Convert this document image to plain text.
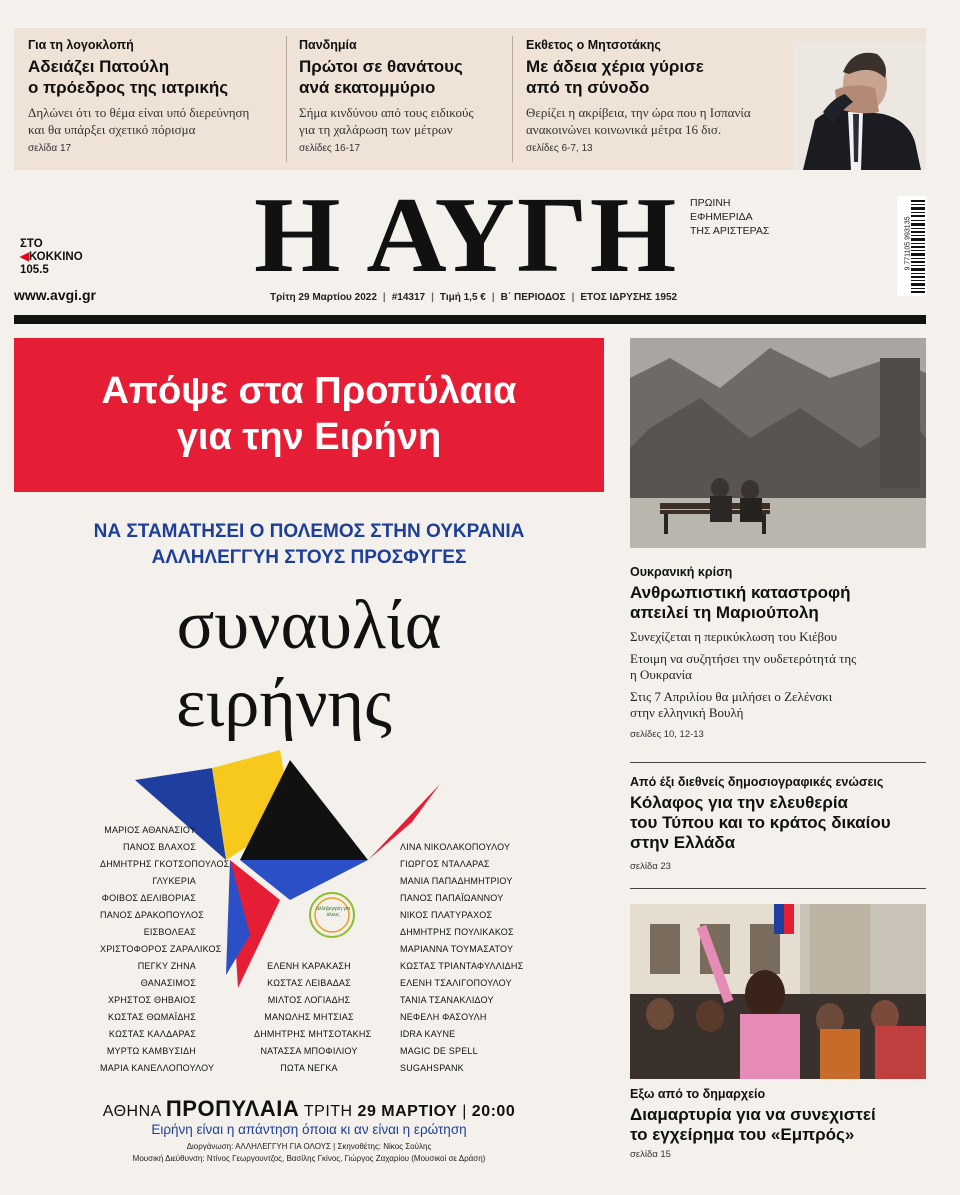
Για τη λογοκλοπή
Αδειάζει Πατούλη
ο πρόεδρος της ιατρικής
Δηλώνει ότι το θέμα είναι υπό διερεύνηση
και θα υπάρξει σχετικό πόρισμα
σελίδα 17
Πανδημία
Πρώτοι σε θανάτους
ανά εκατομμύριο
Σήμα κινδύνου από τους ειδικούς
για τη χαλάρωση των μέτρων
σελίδες 16-17
Εκθετος ο Μητσοτάκης
Με άδεια χέρια γύρισε
από τη σύνοδο
Θερίζει η ακρίβεια, την ώρα που η Ισπανία
ανακοινώνει κοινωνικά μέτρα 16 δισ.
σελίδες 6-7, 13
ΣΤΟ
◀ΚΟΚΚΙΝΟ
105.5
www.avgi.gr Η ΑΥΓΗ ΠΡΩΙΝΗ
ΕΦΗΜΕΡΙΔΑ
ΤΗΣ ΑΡΙΣΤΕΡΑΣ	9 771105 993135
Τρίτη 29 Μαρτίου 2022 | #14317 | Τιμή 1,5 € | Β΄ ΠΕΡΙΟΔΟΣ | ΕΤΟΣ ΙΔΡΥΣΗΣ 1952
Απόψε στα Προπύλαια
για την Ειρήνη
ΝΑ ΣΤΑΜΑΤΗΣΕΙ Ο ΠΟΛΕΜΟΣ ΣΤΗΝ ΟΥΚΡΑΝΙΑ
ΑΛΛΗΛΕΓΓΥΗ ΣΤΟΥΣ ΠΡΟΣΦΥΓΕΣ
συναυλία
ειρήνης
αλληλεγγύη για όλους
ΜΑΡΙΟΣ ΑΘΑΝΑΣΙΟΥ
ΠΑΝΟΣ ΒΛΑΧΟΣ
ΔΗΜΗΤΡΗΣ ΓΚΟΤΣΟΠΟΥΛΟΣ
ΓΛΥΚΕΡΙΑ
ΦΟΙΒΟΣ ΔΕΛΙΒΟΡΙΑΣ
ΠΑΝΟΣ ΔΡΑΚΟΠΟΥΛΟΣ
ΕΙΣΒΟΛΕΑΣ
ΧΡΙΣΤΟΦΟΡΟΣ ΖΑΡΑΛΙΚΟΣ
ΠΕΓΚΥ ΖΗΝΑ
ΘΑΝΑΣΙΜΟΣ
ΧΡΗΣΤΟΣ ΘΗΒΑΙΟΣ
ΚΩΣΤΑΣ ΘΩΜΑΪΔΗΣ
ΚΩΣΤΑΣ ΚΑΛΔΑΡΑΣ
ΜΥΡΤΩ ΚΑΜΒΥΣΙΔΗ
ΜΑΡΙΑ ΚΑΝΕΛΛΟΠΟΥΛΟΥ
ΕΛΕΝΗ ΚΑΡΑΚΑΣΗ
ΚΩΣΤΑΣ ΛΕΙΒΑΔΑΣ
ΜΙΛΤΟΣ ΛΟΓΙΑΔΗΣ
ΜΑΝΩΛΗΣ ΜΗΤΣΙΑΣ
ΔΗΜΗΤΡΗΣ ΜΗΤΣΟΤΑΚΗΣ
ΝΑΤΑΣΣΑ ΜΠΟΦΙΛΙΟΥ
ΠΩΤΑ ΝΕΓΚΑ
ΛΙΝΑ ΝΙΚΟΛΑΚΟΠΟΥΛΟΥ
ΓΙΩΡΓΟΣ ΝΤΑΛΑΡΑΣ
ΜΑΝΙΑ ΠΑΠΑΔΗΜΗΤΡΙΟΥ
ΠΑΝΟΣ ΠΑΠΑΪΩΑΝΝΟΥ
ΝΙΚΟΣ ΠΛΑΤΥΡΑΧΟΣ
ΔΗΜΗΤΡΗΣ ΠΟΥΛΙΚΑΚΟΣ
ΜΑΡΙΑΝΝΑ ΤΟΥΜΑΣΑΤΟΥ
ΚΩΣΤΑΣ ΤΡΙΑΝΤΑΦΥΛΛΙΔΗΣ
ΕΛΕΝΗ ΤΣΑΛΙΓΟΠΟΥΛΟΥ
ΤΑΝΙΑ ΤΣΑΝΑΚΛΙΔΟΥ
ΝΕΦΕΛΗ ΦΑΣΟΥΛΗ
IDRA KAYNE
MAGIC DE SPELL
SUGAHSPANK
ΑΘΗΝΑ ΠΡΟΠΥΛΑΙΑ ΤΡΙΤΗ 29 ΜΑΡΤΙΟΥ | 20:00
Ειρήνη είναι η απάντηση όποια κι αν είναι η ερώτηση
Διοργάνωση: ΑΛΛΗΛΕΓΓΥΗ ΓΙΑ ΟΛΟΥΣ | Σκηνοθέτης: Νίκος Σούλης
Μουσική Διεύθυνση: Ντίνος Γεωργουντζος, Βασίλης Γκίνος, Γιώργος Ζαχαρίου (Μουσικοί σε Δράση)
Ουκρανική κρίση
Ανθρωπιστική καταστροφή
απειλεί τη Μαριούπολη
Συνεχίζεται η περικύκλωση του Κιέβου
Ετοιμη να συζητήσει την ουδετερότητά της
η Ουκρανία
Στις 7 Απριλίου θα μιλήσει ο Ζελένσκι
στην ελληνική Βουλή
σελίδες 10, 12-13
Από έξι διεθνείς δημοσιογραφικές ενώσεις
Κόλαφος για την ελευθερία
του Τύπου και το κράτος δικαίου
στην Ελλάδα
σελίδα 23
Εξω από το δημαρχείο
Διαμαρτυρία για να συνεχιστεί
το εγχείρημα του «Εμπρός»
σελίδα 15
